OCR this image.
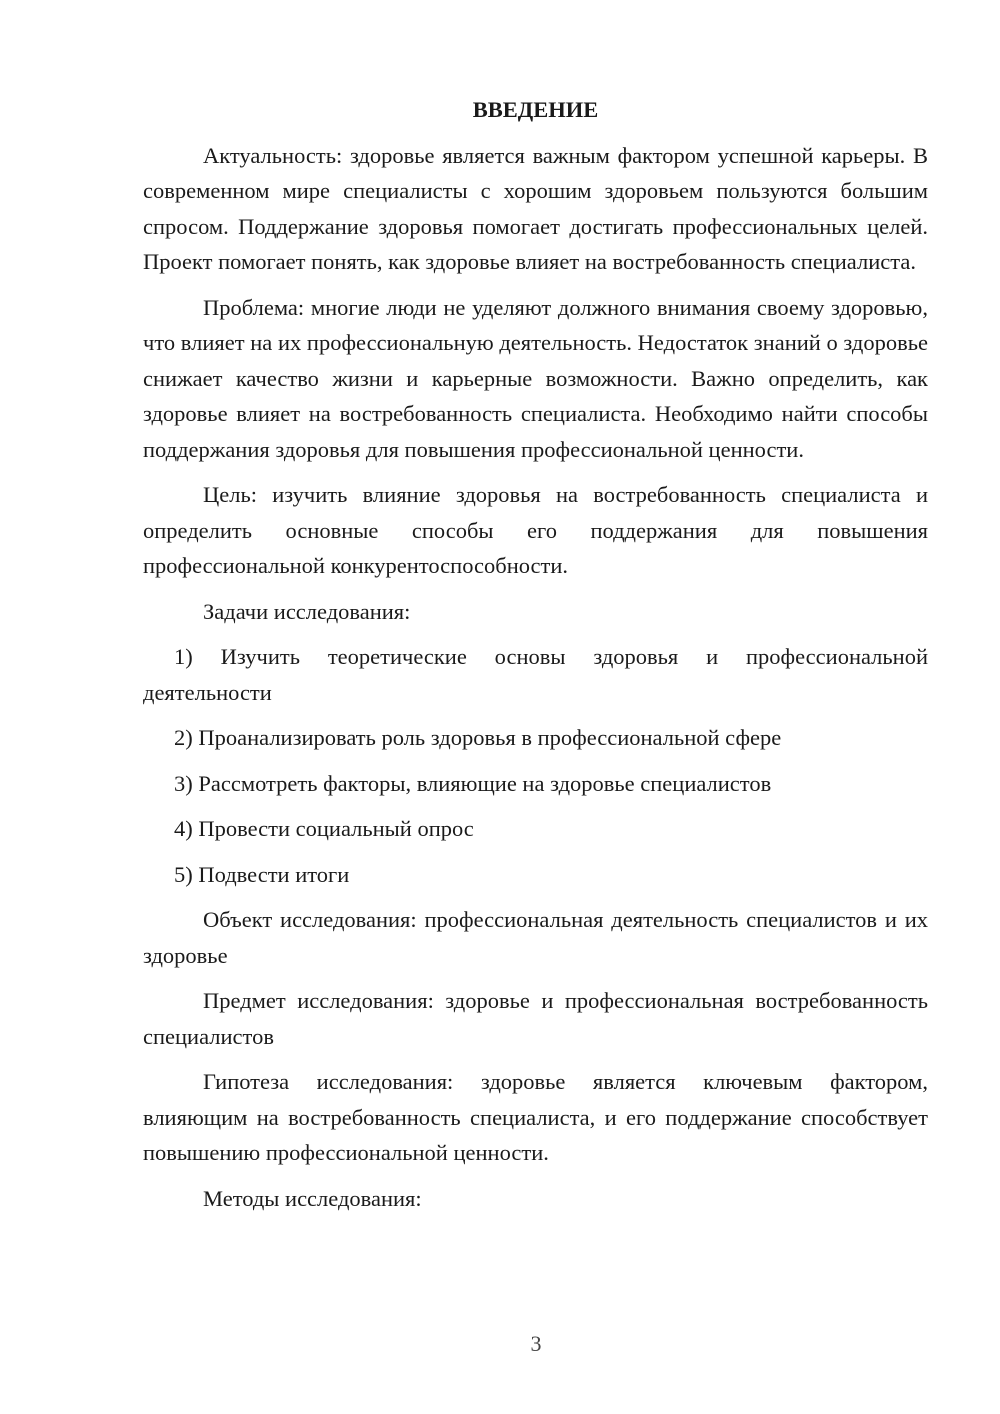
ВВЕДЕНИЕ

Актуальность: здоровье является важным фактором успешной карьеры. В современном мире специалисты с хорошим здоровьем пользуются большим спросом. Поддержание здоровья помогает достигать профессиональных целей. Проект помогает понять, как здоровье влияет на востребованность специалиста.

Проблема: многие люди не уделяют должного внимания своему здоровью, что влияет на их профессиональную деятельность. Недостаток знаний о здоровье снижает качество жизни и карьерные возможности. Важно определить, как здоровье влияет на востребованность специалиста. Необходимо найти способы поддержания здоровья для повышения профессиональной ценности.

Цель: изучить влияние здоровья на востребованность специалиста и определить основные способы его поддержания для повышения профессиональной конкурентоспособности.

Задачи исследования:

1) Изучить теоретические основы здоровья и профессиональной деятельности

2) Проанализировать роль здоровья в профессиональной сфере

3) Рассмотреть факторы, влияющие на здоровье специалистов

4) Провести социальный опрос

5) Подвести итоги

Объект исследования: профессиональная деятельность специалистов и их здоровье

Предмет исследования: здоровье и профессиональная востребованность специалистов

Гипотеза исследования: здоровье является ключевым фактором, влияющим на востребованность специалиста, и его поддержание способствует повышению профессиональной ценности.

Методы исследования:

3
